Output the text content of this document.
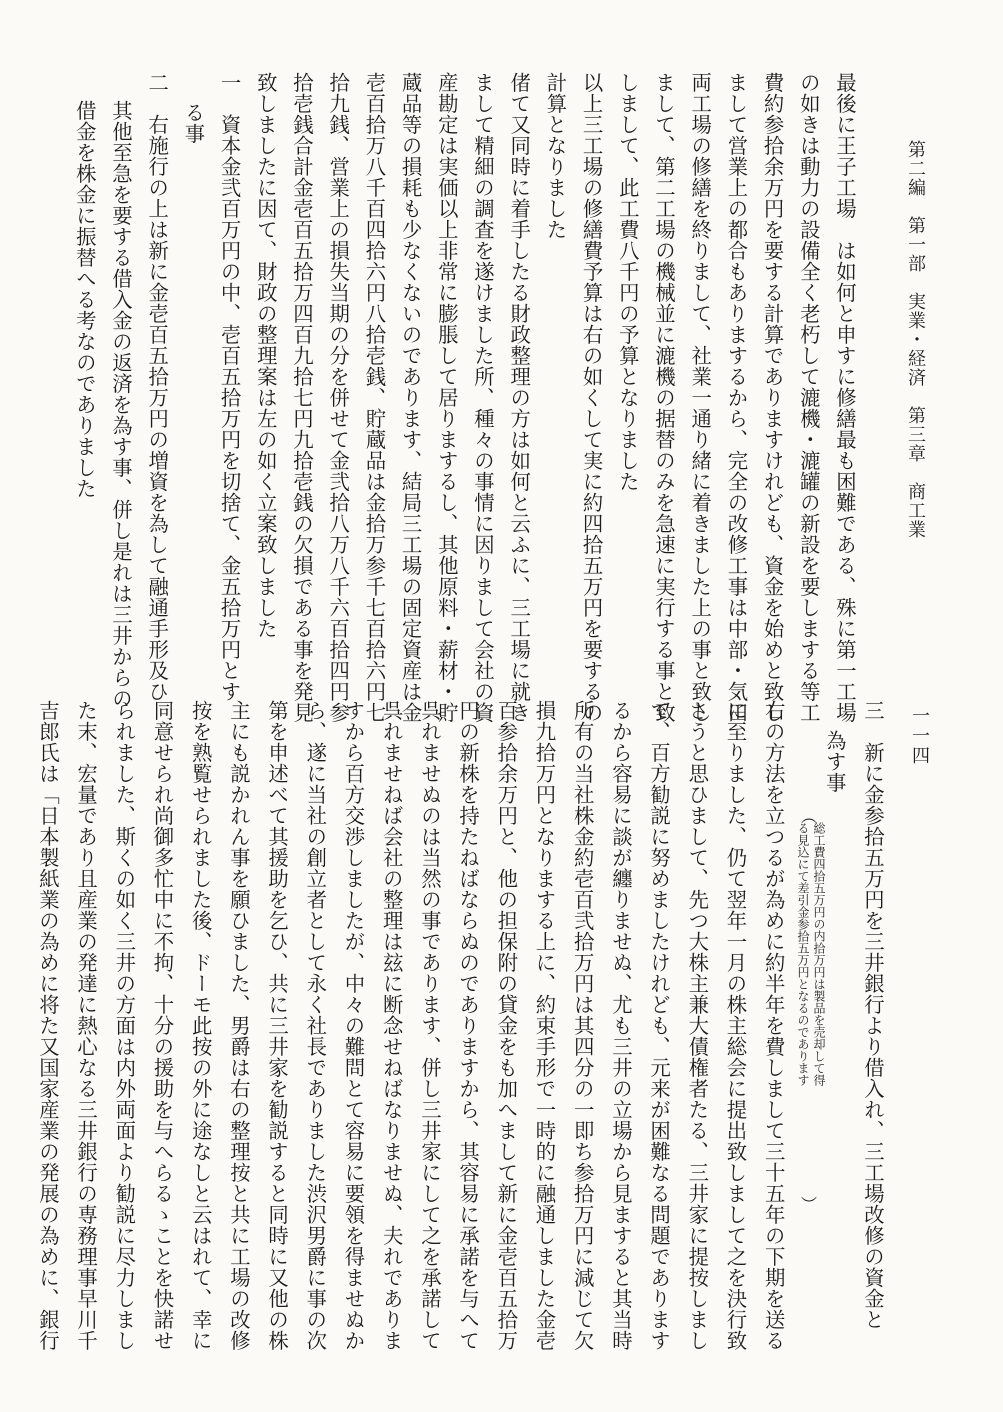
第二編　第一部　実業・経済　第三章　商工業
一一四
最後に王子工場　は如何と申すに修繕最も困難である、殊に第一工場
の如きは動力の設備全く老朽して漉機・漉罐の新設を要しまする等工
費約参拾余万円を要する計算でありますけれども、資金を始めと致し
まして営業上の都合もありまするから、完全の改修工事は中部・気田
両工場の修繕を終りまして、社業一通り緒に着きました上の事と致し
まして、第二工場の機械並に漉機の据替のみを急速に実行する事と致
しまして、此工費八千円の予算となりました
以上三工場の修繕費予算は右の如くして実に約四拾五万円を要するの
計算となりました
偖て又同時に着手したる財政整理の方は如何と云ふに、三工場に就き
まして精細の調査を遂けました所、種々の事情に因りまして会社の資
産勘定は実価以上非常に膨脹して居りまするし、其他原料・薪材・貯
蔵品等の損耗も少なくないのであります、結局三工場の固定資産は金
壱百拾万八千百四拾六円八拾壱銭、貯蔵品は金拾万参千七百拾六円七
拾九銭、営業上の損失当期の分を併せて金弐拾八万八千六百拾四円参
拾壱銭合計金壱百五拾万四百九拾七円九拾壱銭の欠損である事を発見
致しましたに因て、財政の整理案は左の如く立案致しました
一　資本金弐百万円の中、壱百五拾万円を切捨て、金五拾万円とす
る事
二　右施行の上は新に金壱百五拾万円の増資を為して融通手形及ひ
其他至急を要する借入金の返済を為す事、併し是れは三井からの
借金を株金に振替へる考なのでありました
三　新に金参拾五万円を三井銀行より借入れ、三工場改修の資金と
為す事
右の方法を立つるが為めに約半年を費しまして三十五年の下期を送る
に至りました、仍て翌年一月の株主総会に提出致しまして之を決行致
さうと思ひまして、先つ大株主兼大債権者たる、三井家に提按しまし
て、百方勧説に努めましたけれども、元来が困難なる問題であります
るから容易に談が纏りませぬ、尤も三井の立場から見ますると其当時
所有の当社株金約壱百弐拾万円は其四分の一即ち参拾万円に減じて欠
損九拾万円となりまする上に、約束手形で一時的に融通しました金壱
百参拾余万円と、他の担保附の貸金をも加へまして新に金壱百五拾万
円の新株を持たねばならぬのでありますから、其容易に承諾を与へて
呉れませぬのは当然の事であります、併し三井家にして之を承諾して
呉れませねば会社の整理は玆に断念せねばなりませぬ、夫れでありま
すから百方交渉しましたが、中々の難問とて容易に要領を得ませぬか
ら、遂に当社の創立者として永く社長でありました渋沢男爵に事の次
第を申述べて其援助を乞ひ、共に三井家を勧説すると同時に又他の株
主にも説かれん事を願ひました、男爵は右の整理按と共に工場の改修
按を熟覧せられました後、ドーモ此按の外に途なしと云はれて、幸に
同意せられ尚御多忙中に不拘、十分の援助を与へらるゝことを快諾せ
られました、斯くの如く三井の方面は内外両面より勧説に尽力しまし
た末、宏量であり且産業の発達に熱心なる三井銀行の専務理事早川千
吉郎氏は「日本製紙業の為めに将た又国家産業の発展の為めに、銀行	︵
総工費四拾五万円の内拾万円は製品を売却して得
る見込にて差引金参拾五万円となるのであります
︶
